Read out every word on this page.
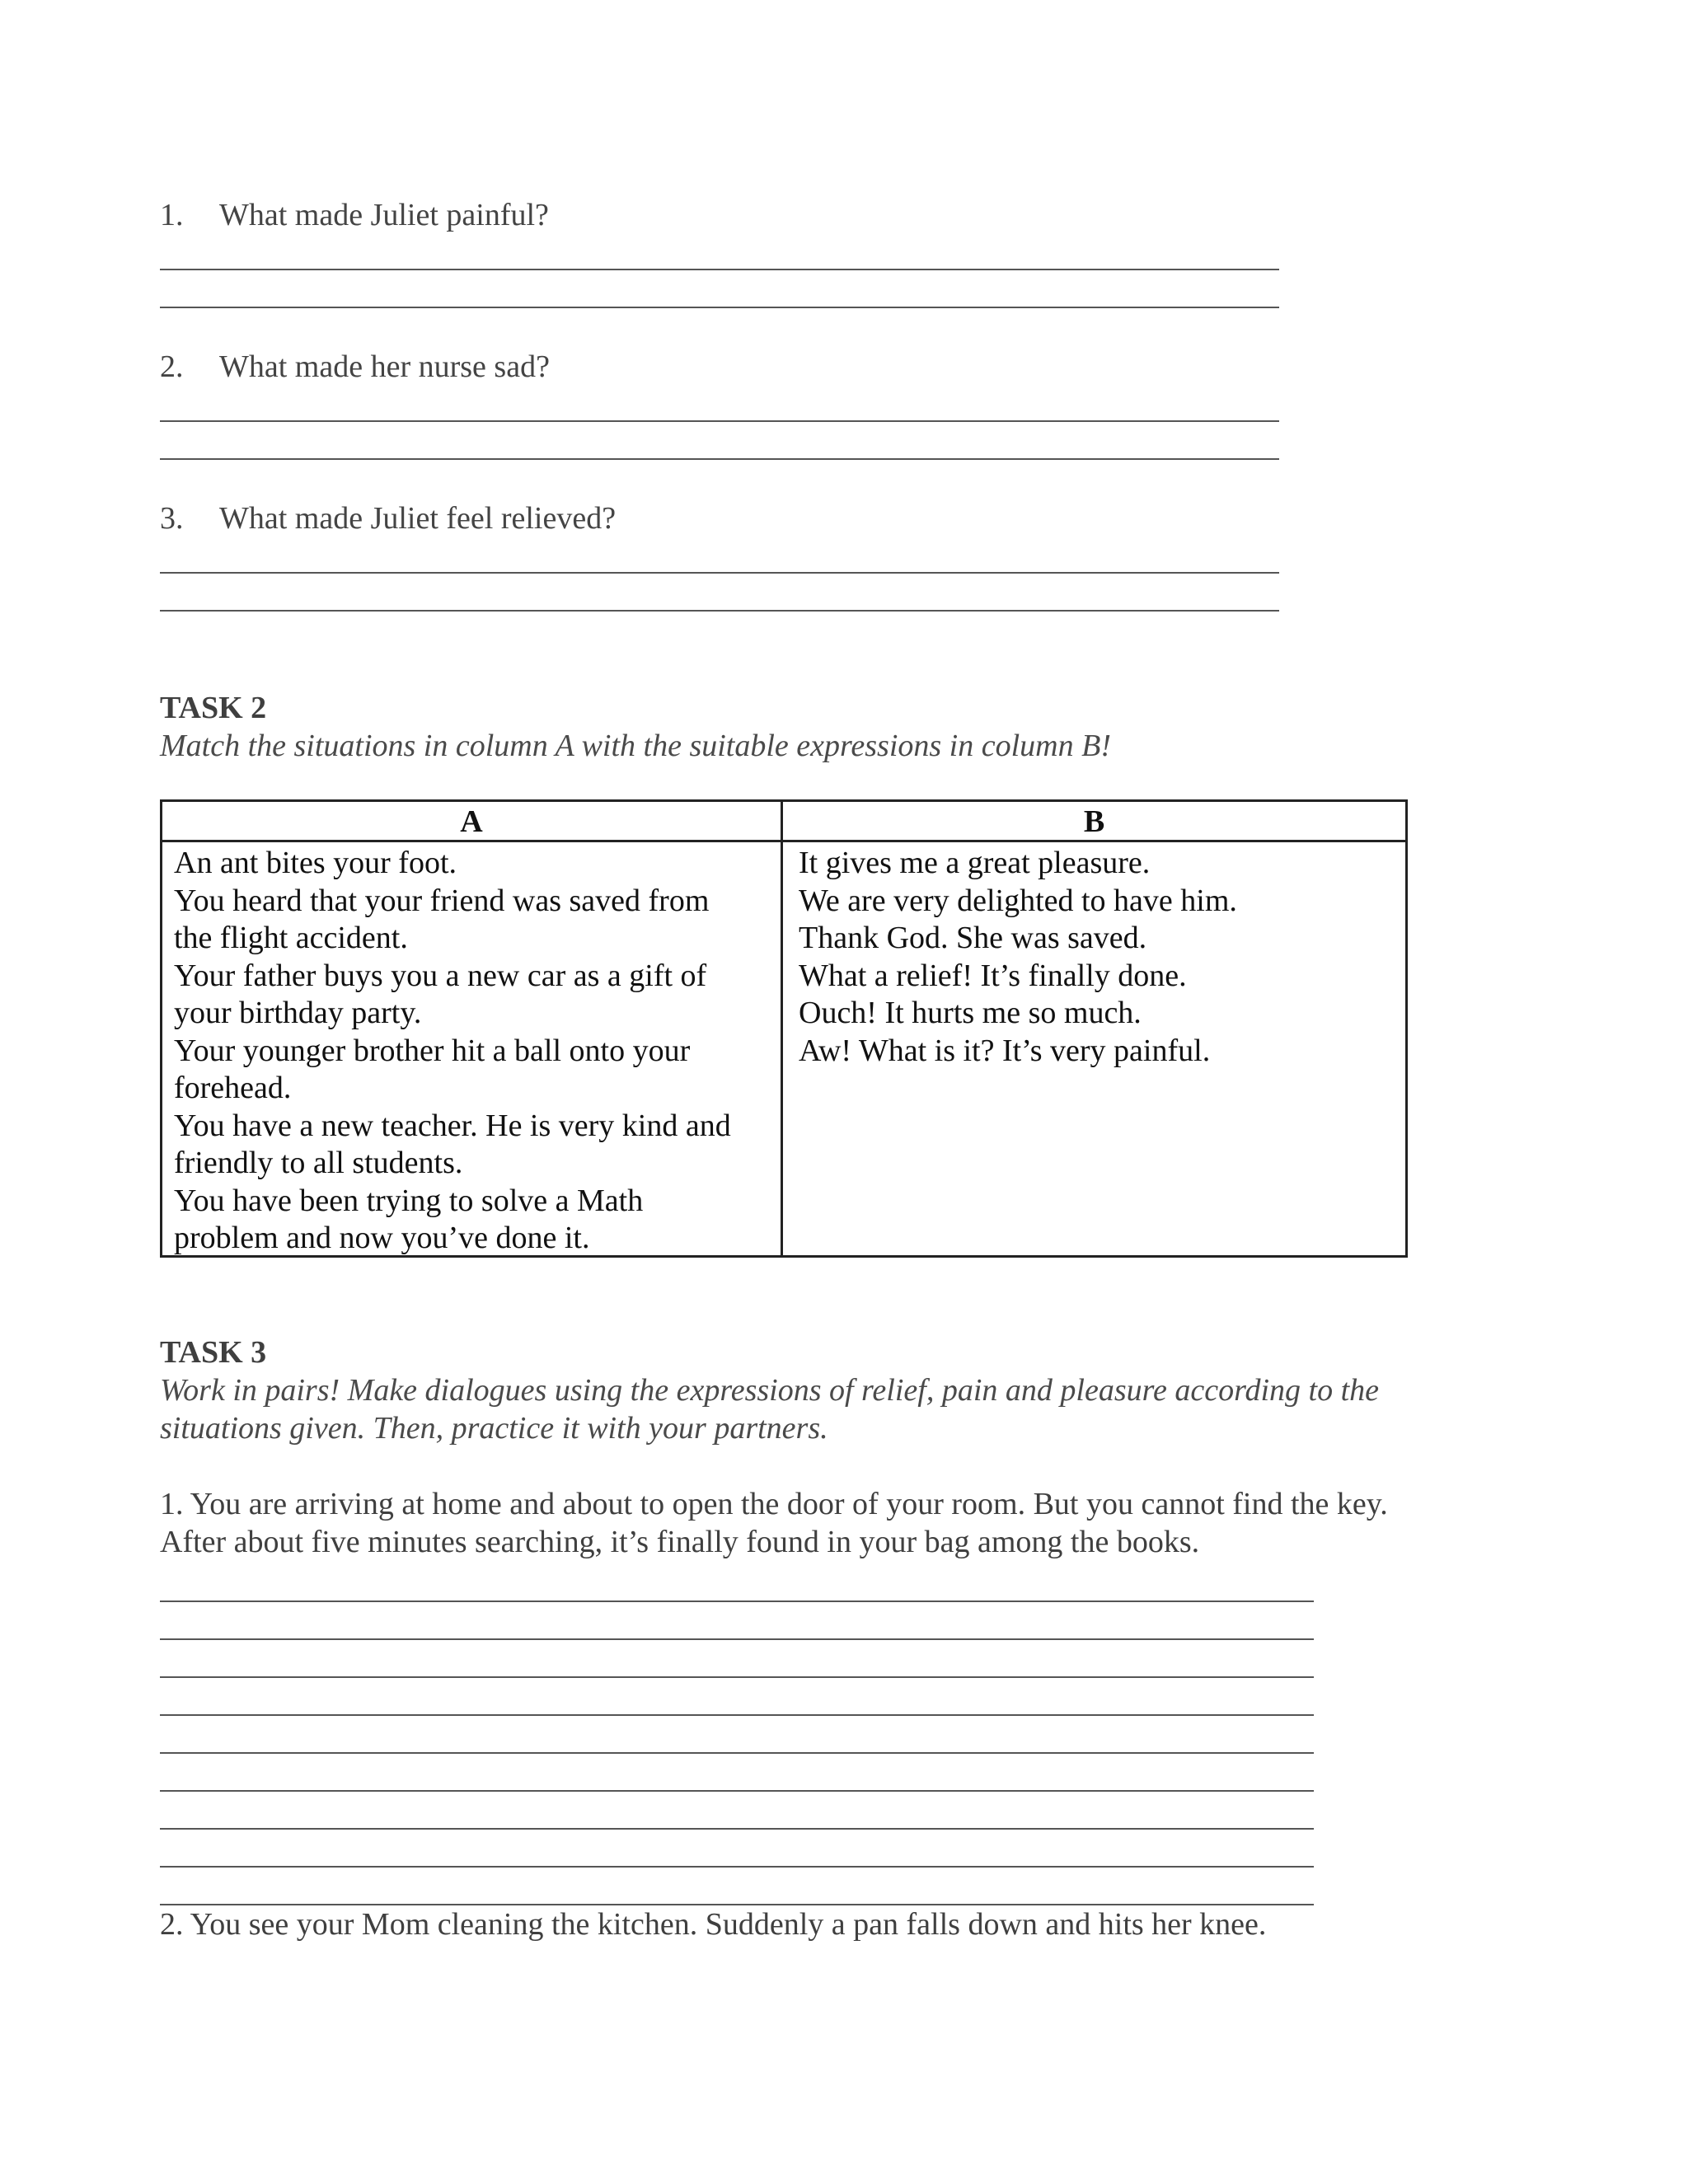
1. What made Juliet painful?
2. What made her nurse sad?
3. What made Juliet feel relieved?
TASK 2
Match the situations in column A with the suitable expressions in column B!
A	B
An ant bites your foot.
You heard that your friend was saved from
the flight accident.
Your father buys you a new car as a gift of
your birthday party.
Your younger brother hit a ball onto your
forehead.
You have a new teacher. He is very kind and
friendly to all students.
You have been trying to solve a Math
problem and now you’ve done it.
It gives me a great pleasure.
We are very delighted to have him.
Thank God. She was saved.
What a relief! It’s finally done.
Ouch! It hurts me so much.
Aw! What is it? It’s very painful.
TASK 3
Work in pairs! Make dialogues using the expressions of relief, pain and pleasure according to the
situations given. Then, practice it with your partners.
1. You are arriving at home and about to open the door of your room. But you cannot find the key.
After about five minutes searching, it’s finally found in your bag among the books.
2. You see your Mom cleaning the kitchen. Suddenly a pan falls down and hits her knee.
